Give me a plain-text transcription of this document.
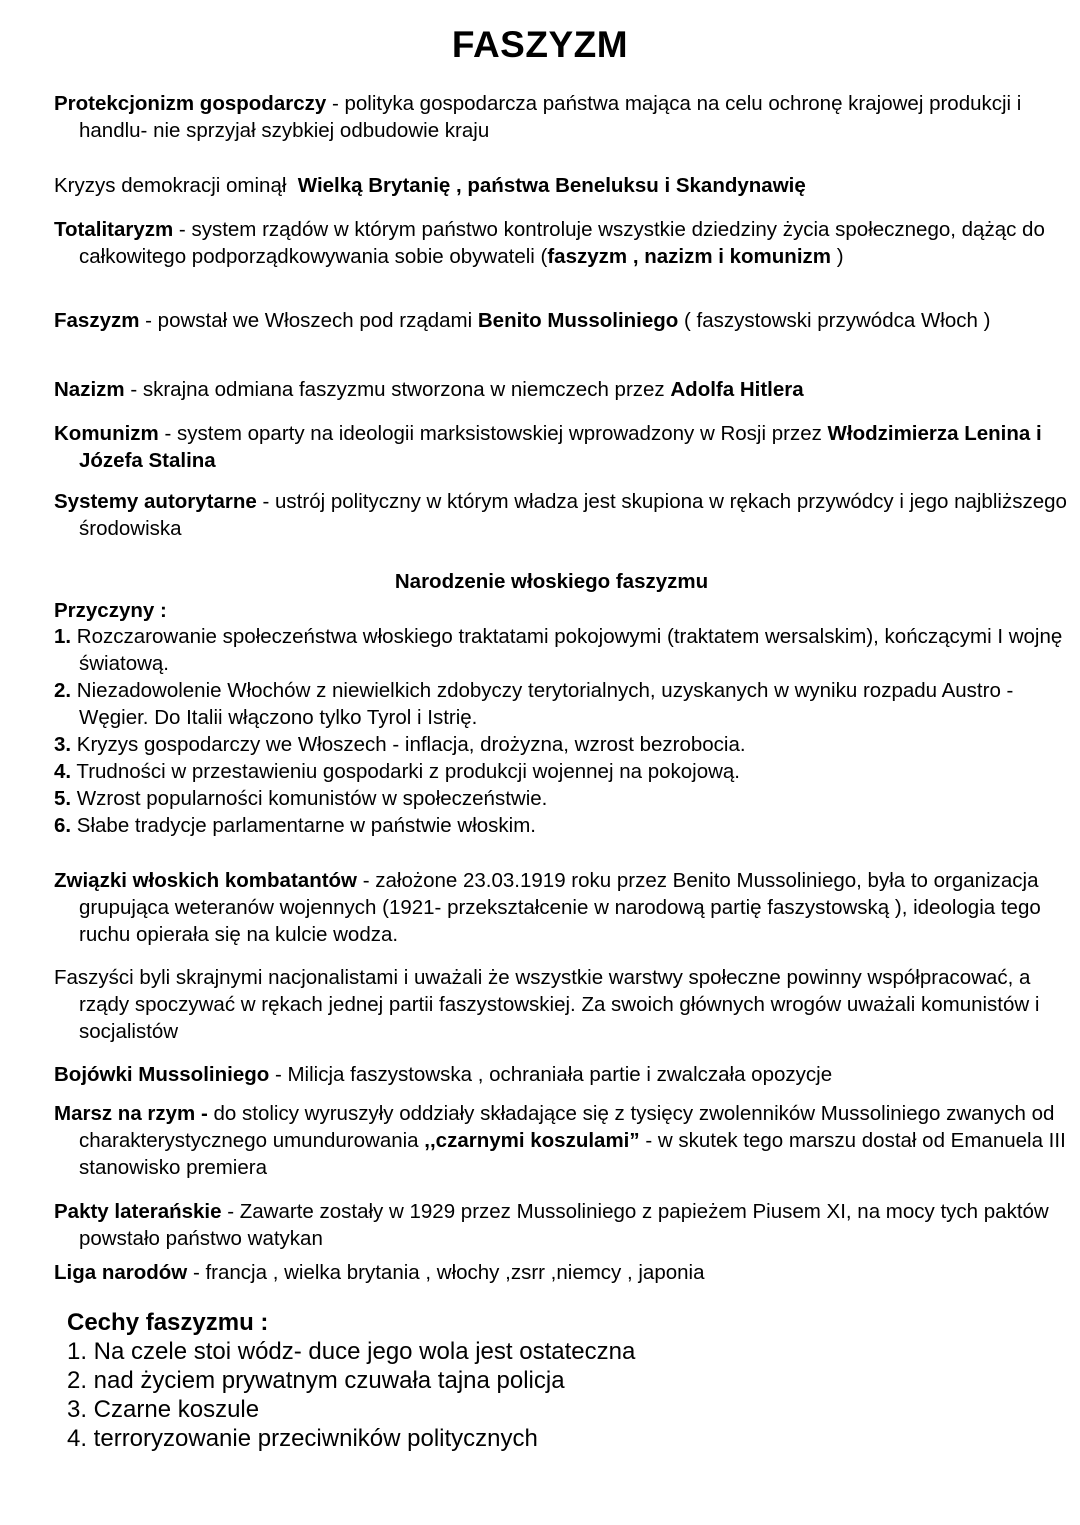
FASZYZM
Protekcjonizm gospodarczy - polityka gospodarcza państwa mająca na celu ochronę krajowej produkcji i handlu- nie sprzyjał szybkiej odbudowie kraju
Kryzys demokracji ominął  Wielką Brytanię , państwa Beneluksu i Skandynawię
Totalitaryzm - system rządów w którym państwo kontroluje wszystkie dziedziny życia społecznego, dążąc do całkowitego podporządkowywania sobie obywateli (faszyzm , nazizm i komunizm )
Faszyzm - powstał we Włoszech pod rządami Benito Mussoliniego ( faszystowski przywódca Włoch )
Nazizm - skrajna odmiana faszyzmu stworzona w niemczech przez Adolfa Hitlera
Komunizm - system oparty na ideologii marksistowskiej wprowadzony w Rosji przez Włodzimierza Lenina i Józefa Stalina
Systemy autorytarne - ustrój polityczny w którym władza jest skupiona w rękach przywódcy i jego najbliższego środowiska
Narodzenie włoskiego faszyzmu
Przyczyny :
1. Rozczarowanie społeczeństwa włoskiego traktatami pokojowymi (traktatem wersalskim), kończącymi I wojnę światową.
2. Niezadowolenie Włochów z niewielkich zdobyczy terytorialnych, uzyskanych w wyniku rozpadu Austro - Węgier. Do Italii włączono tylko Tyrol i Istrię.
3. Kryzys gospodarczy we Włoszech - inflacja, drożyzna, wzrost bezrobocia.
4. Trudności w przestawieniu gospodarki z produkcji wojennej na pokojową.
5. Wzrost popularności komunistów w społeczeństwie.
6. Słabe tradycje parlamentarne w państwie włoskim.
Związki włoskich kombatantów - założone 23.03.1919 roku przez Benito Mussoliniego, była to organizacja grupująca weteranów wojennych (1921- przekształcenie w narodową partię faszystowską ), ideologia tego ruchu opierała się na kulcie wodza.
Faszyści byli skrajnymi nacjonalistami i uważali że wszystkie warstwy społeczne powinny współpracować, a rządy spoczywać w rękach jednej partii faszystowskiej. Za swoich głównych wrogów uważali komunistów i socjalistów
Bojówki Mussoliniego - Milicja faszystowska , ochraniała partie i zwalczała opozycje
Marsz na rzym - do stolicy wyruszyły oddziały składające się z tysięcy zwolenników Mussoliniego zwanych od charakterystycznego umundurowania ,,czarnymi koszulami” - w skutek tego marszu dostał od Emanuela III stanowisko premiera
Pakty laterańskie - Zawarte zostały w 1929 przez Mussoliniego z papieżem Piusem XI, na mocy tych paktów powstało państwo watykan
Liga narodów - francja , wielka brytania , włochy ,zsrr ,niemcy , japonia
Cechy faszyzmu :
1. Na czele stoi wódz- duce jego wola jest ostateczna
2. nad życiem prywatnym czuwała tajna policja
3. Czarne koszule
4. terroryzowanie przeciwników politycznych
